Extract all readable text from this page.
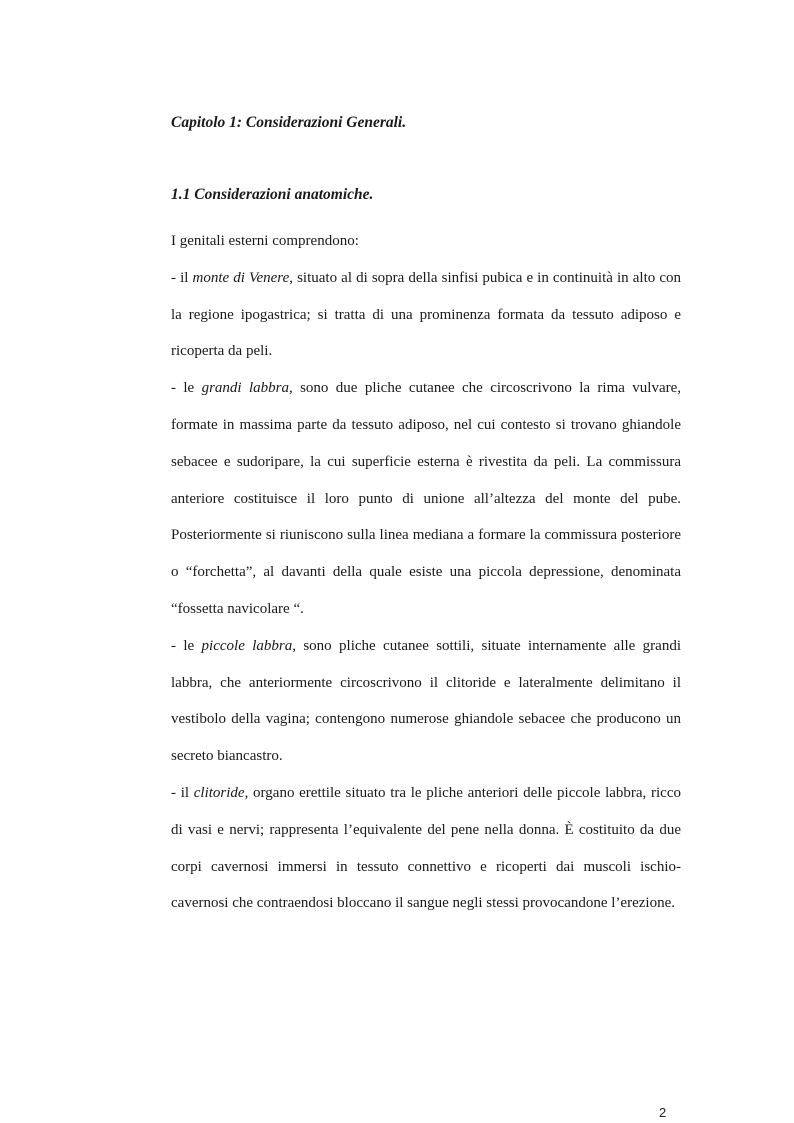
Capitolo 1: Considerazioni Generali.
1.1 Considerazioni anatomiche.

I genitali esterni comprendono:

- il monte di Venere, situato al di sopra della sinfisi pubica e in continuità in alto con la regione ipogastrica; si tratta di una prominenza formata da tessuto adiposo e ricoperta da peli.

- le grandi labbra, sono due pliche cutanee che circoscrivono la rima vulvare, formate in massima parte da tessuto adiposo, nel cui contesto si trovano ghiandole sebacee e sudoripare, la cui superficie esterna è rivestita da peli. La commissura anteriore costituisce il loro punto di unione all’altezza del monte del pube. Posteriormente si riuniscono sulla linea mediana a formare la commissura posteriore o “forchetta”, al davanti della quale esiste una piccola depressione, denominata “fossetta navicolare “.

- le piccole labbra, sono pliche cutanee sottili, situate internamente alle grandi labbra, che anteriormente circoscrivono il clitoride e lateralmente delimitano il vestibolo della vagina; contengono numerose ghiandole sebacee che producono un secreto biancastro.

- il clitoride, organo erettile situato tra le pliche anteriori delle piccole labbra, ricco di vasi e nervi; rappresenta l’equivalente del pene nella donna. È costituito da due corpi cavernosi immersi in tessuto connettivo e ricoperti dai muscoli ischio-cavernosi che contraendosi bloccano il sangue negli stessi provocandone l’erezione.

2
